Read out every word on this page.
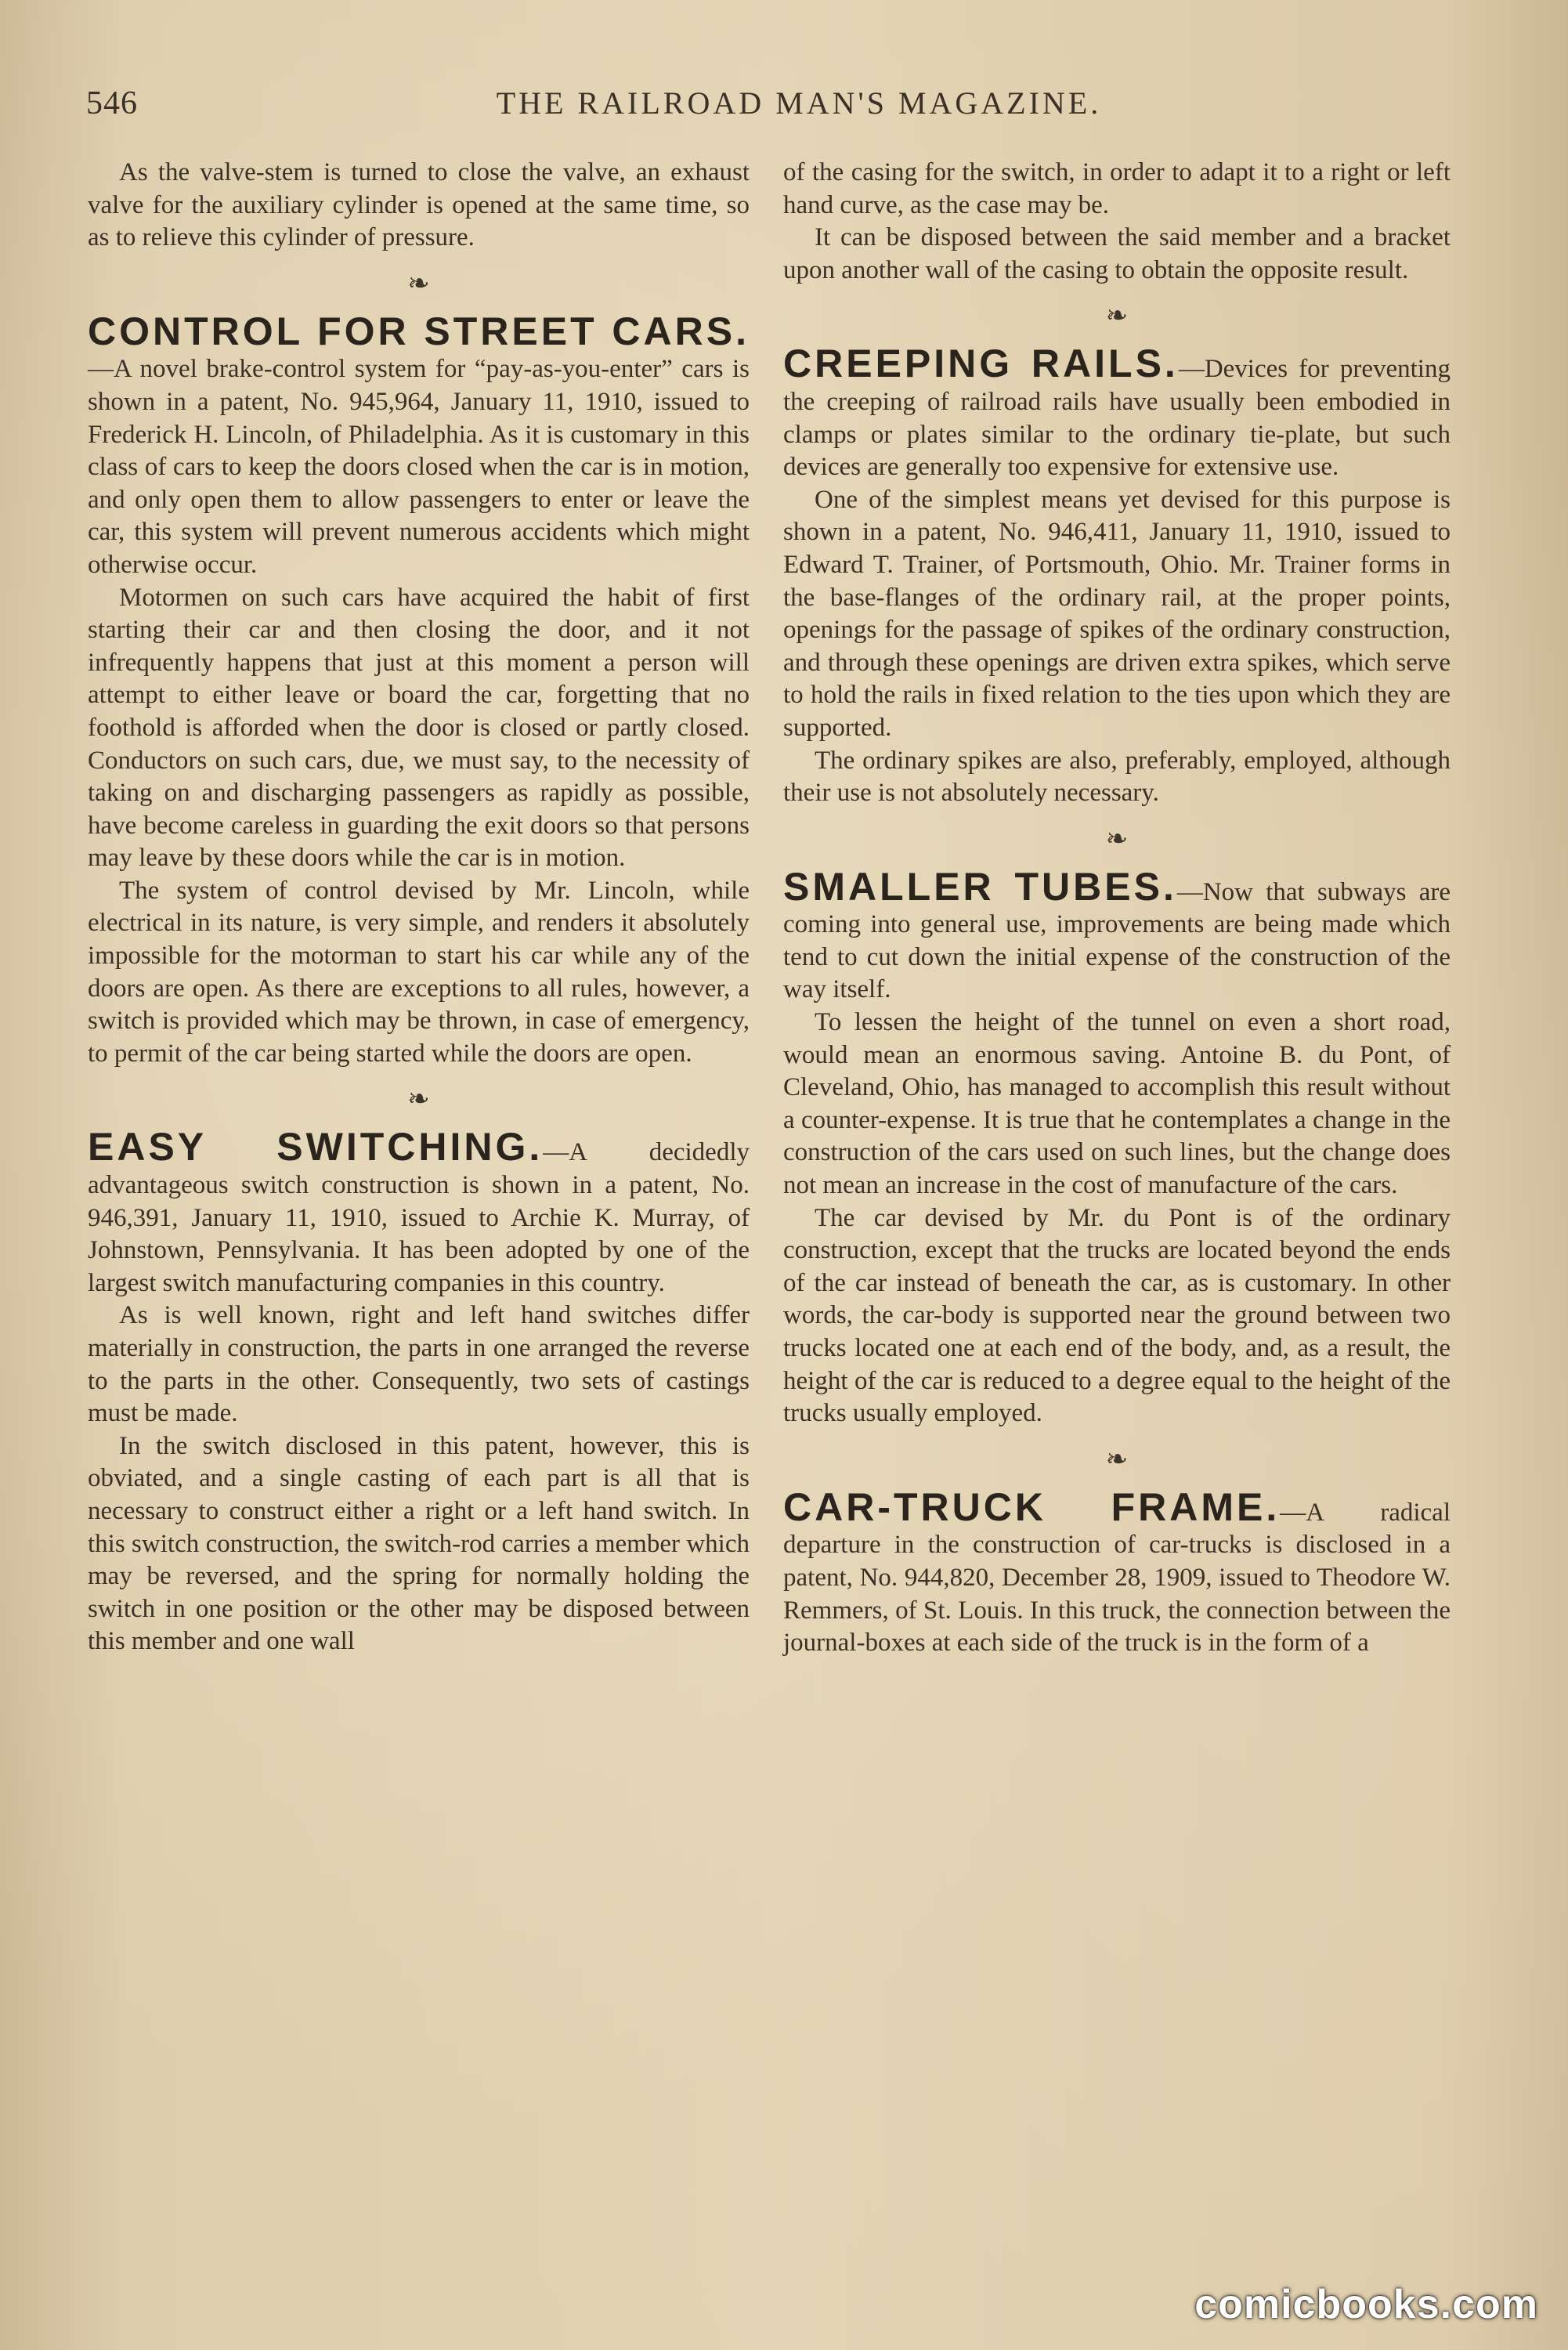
546	THE RAILROAD MAN'S MAGAZINE.

As the valve-stem is turned to close the valve, an exhaust valve for the auxiliary cylinder is opened at the same time, so as to relieve this cylinder of pressure.

❧

CONTROL FOR STREET CARS.—A novel brake-control system for “pay-as-you-enter” cars is shown in a patent, No. 945,964, January 11, 1910, issued to Frederick H. Lincoln, of Philadelphia. As it is customary in this class of cars to keep the doors closed when the car is in motion, and only open them to allow passengers to enter or leave the car, this system will prevent numerous accidents which might otherwise occur.

Motormen on such cars have acquired the habit of first starting their car and then closing the door, and it not infrequently happens that just at this moment a person will attempt to either leave or board the car, forgetting that no foothold is afforded when the door is closed or partly closed. Conductors on such cars, due, we must say, to the necessity of taking on and discharging passengers as rapidly as possible, have become careless in guarding the exit doors so that persons may leave by these doors while the car is in motion.

The system of control devised by Mr. Lincoln, while electrical in its nature, is very simple, and renders it absolutely impossible for the motorman to start his car while any of the doors are open. As there are exceptions to all rules, however, a switch is provided which may be thrown, in case of emergency, to permit of the car being started while the doors are open.

❧

EASY SWITCHING.—A decidedly advantageous switch construction is shown in a patent, No. 946,391, January 11, 1910, issued to Archie K. Murray, of Johnstown, Pennsylvania. It has been adopted by one of the largest switch manufacturing companies in this country.

As is well known, right and left hand switches differ materially in construction, the parts in one arranged the reverse to the parts in the other. Consequently, two sets of castings must be made.

In the switch disclosed in this patent, however, this is obviated, and a single casting of each part is all that is necessary to construct either a right or a left hand switch. In this switch construction, the switch-rod carries a member which may be reversed, and the spring for normally holding the switch in one position or the other may be disposed between this member and one wall

of the casing for the switch, in order to adapt it to a right or left hand curve, as the case may be.

It can be disposed between the said member and a bracket upon another wall of the casing to obtain the opposite result.

❧

CREEPING RAILS.—Devices for preventing the creeping of railroad rails have usually been embodied in clamps or plates similar to the ordinary tie-plate, but such devices are generally too expensive for extensive use.

One of the simplest means yet devised for this purpose is shown in a patent, No. 946,411, January 11, 1910, issued to Edward T. Trainer, of Portsmouth, Ohio. Mr. Trainer forms in the base-flanges of the ordinary rail, at the proper points, openings for the passage of spikes of the ordinary construction, and through these openings are driven extra spikes, which serve to hold the rails in fixed relation to the ties upon which they are supported.

The ordinary spikes are also, preferably, employed, although their use is not absolutely necessary.

❧

SMALLER TUBES.—Now that subways are coming into general use, improvements are being made which tend to cut down the initial expense of the construction of the way itself.

To lessen the height of the tunnel on even a short road, would mean an enormous saving. Antoine B. du Pont, of Cleveland, Ohio, has managed to accomplish this result without a counter-expense. It is true that he contemplates a change in the construction of the cars used on such lines, but the change does not mean an increase in the cost of manufacture of the cars.

The car devised by Mr. du Pont is of the ordinary construction, except that the trucks are located beyond the ends of the car instead of beneath the car, as is customary. In other words, the car-body is supported near the ground between two trucks located one at each end of the body, and, as a result, the height of the car is reduced to a degree equal to the height of the trucks usually employed.

❧

CAR-TRUCK FRAME.—A radical departure in the construction of car-trucks is disclosed in a patent, No. 944,820, December 28, 1909, issued to Theodore W. Remmers, of St. Louis. In this truck, the connection between the journal-boxes at each side of the truck is in the form of a

comicbooks.com
